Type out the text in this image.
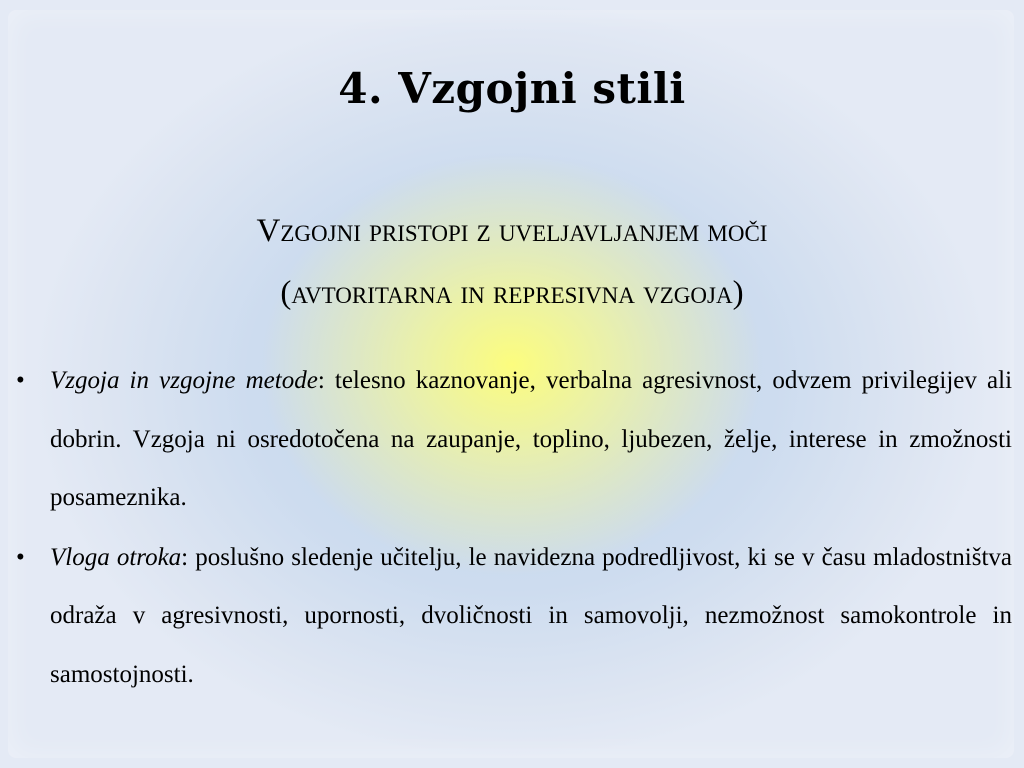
4. Vzgojni stili
Vzgojni pristopi z uveljavljanjem moči
(avtoritarna in represivna vzgoja)
• Vzgoja in vzgojne metode: telesno kaznovanje, verbalna agresivnost, odvzem privilegijev ali dobrin. Vzgoja ni osredotočena na zaupanje, toplino, ljubezen, želje, interese in zmožnosti posameznika.
• Vloga otroka: poslušno sledenje učitelju, le navidezna podredljivost, ki se v času mladostništva odraža v agresivnosti, upornosti, dvoličnosti in samovolji, nezmožnost samokontrole in samostojnosti.
